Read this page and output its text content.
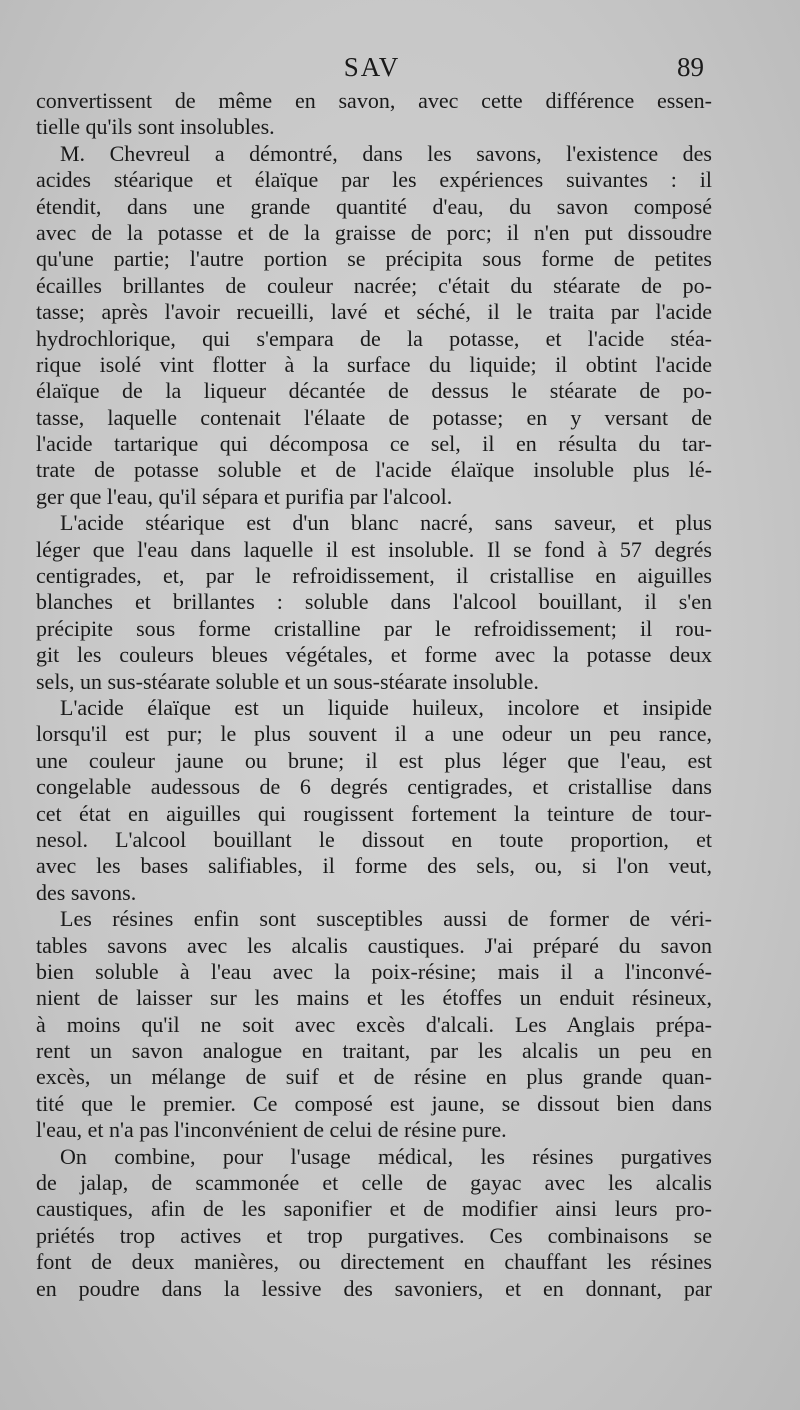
SAV	89
convertissent de même en savon, avec cette différence essen-
tielle qu'ils sont insolubles.
M. Chevreul a démontré, dans les savons, l'existence des
acides stéarique et élaïque par les expériences suivantes : il
étendit, dans une grande quantité d'eau, du savon composé
avec de la potasse et de la graisse de porc; il n'en put dissoudre
qu'une partie; l'autre portion se précipita sous forme de petites
écailles brillantes de couleur nacrée; c'était du stéarate de po-
tasse; après l'avoir recueilli, lavé et séché, il le traita par l'acide
hydrochlorique, qui s'empara de la potasse, et l'acide stéa-
rique isolé vint flotter à la surface du liquide; il obtint l'acide
élaïque de la liqueur décantée de dessus le stéarate de po-
tasse, laquelle contenait l'élaate de potasse; en y versant de
l'acide tartarique qui décomposa ce sel, il en résulta du tar-
trate de potasse soluble et de l'acide élaïque insoluble plus lé-
ger que l'eau, qu'il sépara et purifia par l'alcool.
L'acide stéarique est d'un blanc nacré, sans saveur, et plus
léger que l'eau dans laquelle il est insoluble. Il se fond à 57 degrés
centigrades, et, par le refroidissement, il cristallise en aiguilles
blanches et brillantes : soluble dans l'alcool bouillant, il s'en
précipite sous forme cristalline par le refroidissement; il rou-
git les couleurs bleues végétales, et forme avec la potasse deux
sels, un sus-stéarate soluble et un sous-stéarate insoluble.
L'acide élaïque est un liquide huileux, incolore et insipide
lorsqu'il est pur; le plus souvent il a une odeur un peu rance,
une couleur jaune ou brune; il est plus léger que l'eau, est
congelable audessous de 6 degrés centigrades, et cristallise dans
cet état en aiguilles qui rougissent fortement la teinture de tour-
nesol. L'alcool bouillant le dissout en toute proportion, et
avec les bases salifiables, il forme des sels, ou, si l'on veut,
des savons.
Les résines enfin sont susceptibles aussi de former de véri-
tables savons avec les alcalis caustiques. J'ai préparé du savon
bien soluble à l'eau avec la poix-résine; mais il a l'inconvé-
nient de laisser sur les mains et les étoffes un enduit résineux,
à moins qu'il ne soit avec excès d'alcali. Les Anglais prépa-
rent un savon analogue en traitant, par les alcalis un peu en
excès, un mélange de suif et de résine en plus grande quan-
tité que le premier. Ce composé est jaune, se dissout bien dans
l'eau, et n'a pas l'inconvénient de celui de résine pure.
On combine, pour l'usage médical, les résines purgatives
de jalap, de scammonée et celle de gayac avec les alcalis
caustiques, afin de les saponifier et de modifier ainsi leurs pro-
priétés trop actives et trop purgatives. Ces combinaisons se
font de deux manières, ou directement en chauffant les résines
en poudre dans la lessive des savoniers, et en donnant, par
